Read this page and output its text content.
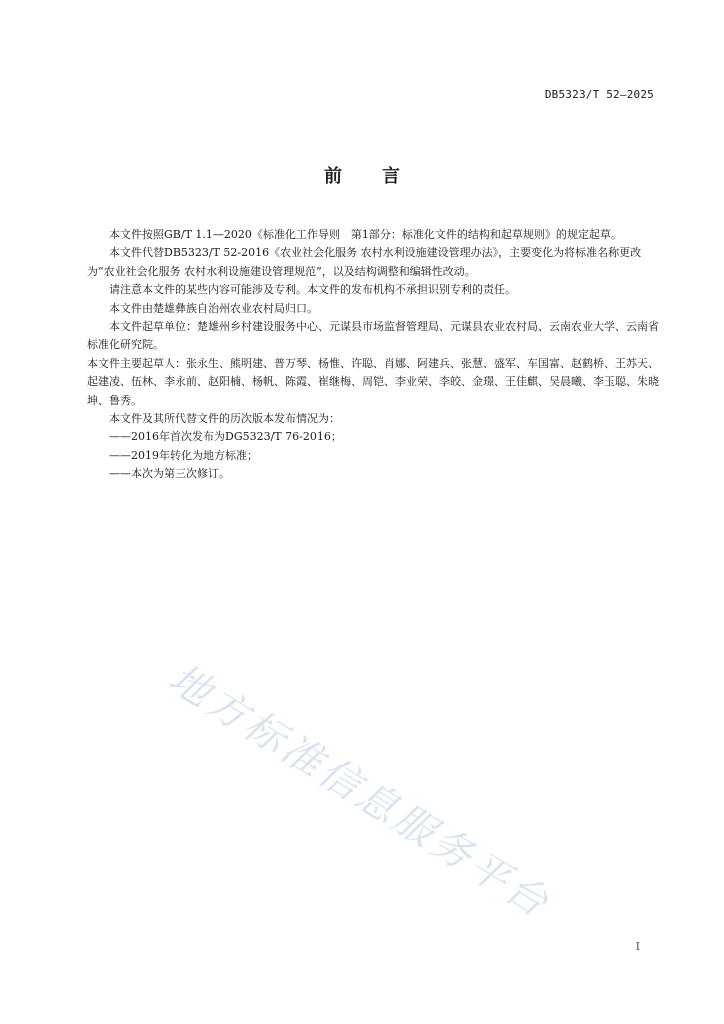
DB5323/T 52—2025
前 言

本文件按照GB/T 1.1—2020《标准化工作导则　第1部分：标准化文件的结构和起草规则》的规定起草。

本文件代替DB5323/T 52-2016《农业社会化服务 农村水利设施建设管理办法》，主要变化为将标准名称更改为“农业社会化服务 农村水利设施建设管理规范”，以及结构调整和编辑性改动。

请注意本文件的某些内容可能涉及专利。本文件的发布机构不承担识别专利的责任。

本文件由楚雄彝族自治州农业农村局归口。

本文件起草单位：楚雄州乡村建设服务中心、元谋县市场监督管理局、元谋县农业农村局、云南农业大学、云南省标准化研究院。

本文件主要起草人：张永生、熊明建、普万琴、杨惟、许聪、肖娜、阿建兵、张慧、盛军、车国富、赵鹤桥、王苏天、起建凌、伍林、李永前、赵阳楠、杨帆、陈霞、崔继梅、周铠、李业荣、李皎、金璟、王佳麒、吴晨曦、李玉聪、朱晓坤、鲁秀。

本文件及其所代替文件的历次版本发布情况为：

——2016年首次发布为DG5323/T 76-2016；

——2019年转化为地方标准；

——本次为第三次修订。

地方标准信息服务平台
I
